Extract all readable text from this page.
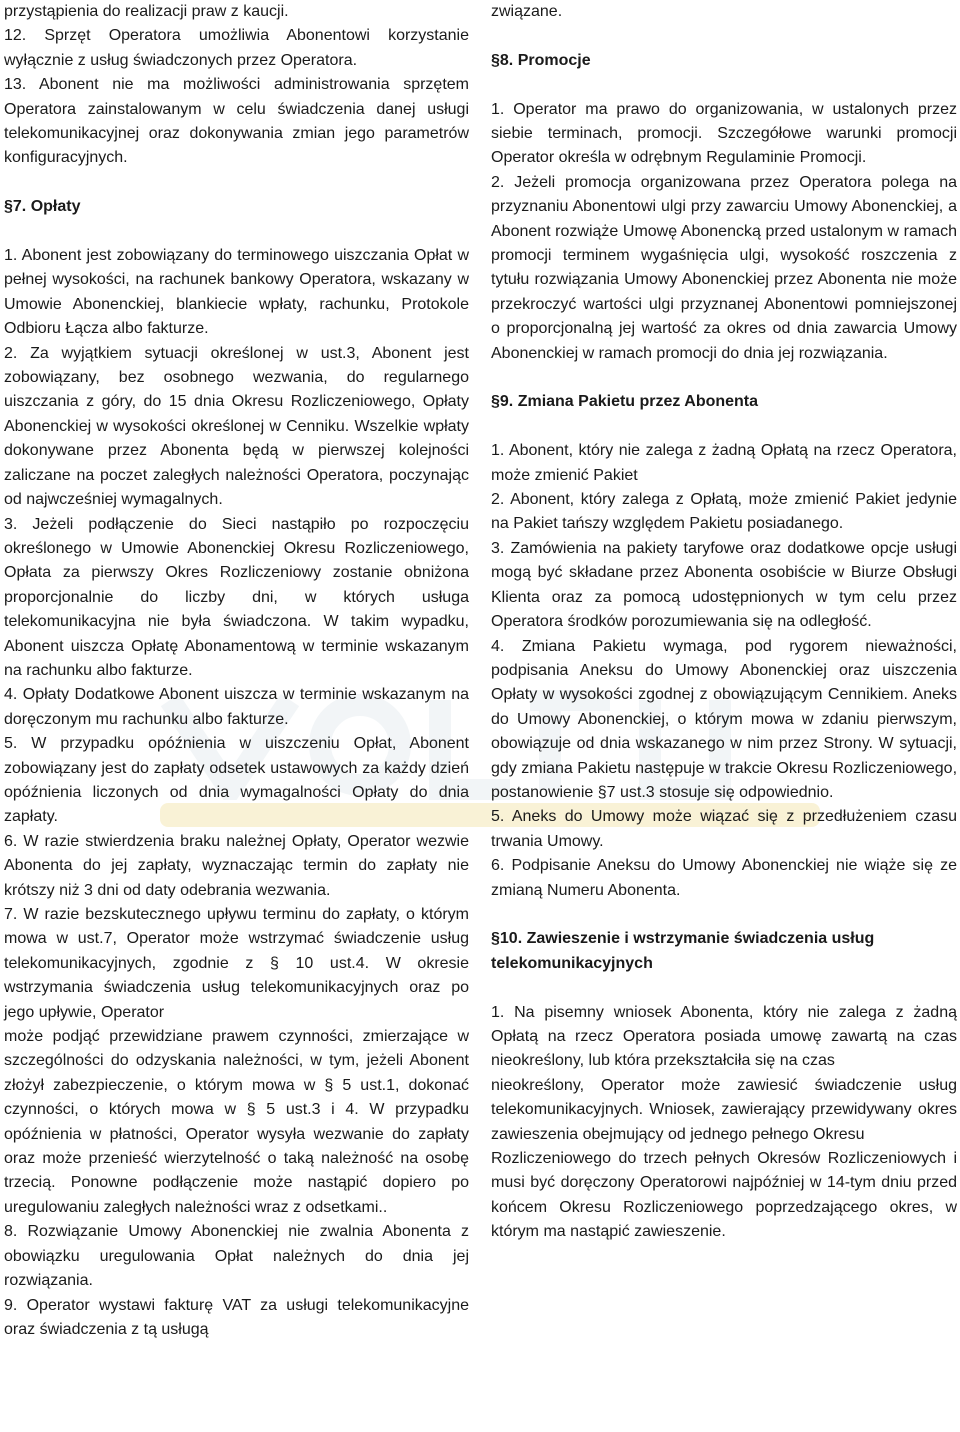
przystąpienia do realizacji praw z kaucji.

12. Sprzęt Operatora umożliwia Abonentowi korzystanie wyłącznie z usług świadczonych przez Operatora.

13. Abonent nie ma możliwości administrowania sprzętem Operatora zainstalowanym w celu świadczenia danej usługi telekomunikacyjnej oraz dokonywania zmian jego parametrów konfiguracyjnych.

§7. Opłaty

1. Abonent jest zobowiązany do terminowego uiszczania Opłat w pełnej wysokości, na rachunek bankowy Operatora, wskazany w Umowie Abonenckiej, blankiecie wpłaty, rachunku, Protokole Odbioru Łącza albo fakturze.

2. Za wyjątkiem sytuacji określonej w ust.3, Abonent jest zobowiązany, bez osobnego wezwania, do regularnego uiszczania z góry, do 15 dnia Okresu Rozliczeniowego, Opłaty Abonenckiej w wysokości określonej w Cenniku. Wszelkie wpłaty dokonywane przez Abonenta będą w pierwszej kolejności zaliczane na poczet zaległych należności Operatora, poczynając od najwcześniej wymagalnych.

3. Jeżeli podłączenie do Sieci nastąpiło po rozpoczęciu określonego w Umowie Abonenckiej Okresu Rozliczeniowego, Opłata za pierwszy Okres Rozliczeniowy zostanie obniżona proporcjonalnie do liczby dni, w których usługa telekomunikacyjna nie była świadczona. W takim wypadku, Abonent uiszcza Opłatę Abonamentową w terminie wskazanym na rachunku albo fakturze.

4. Opłaty Dodatkowe Abonent uiszcza w terminie wskazanym na doręczonym mu rachunku albo fakturze.

5. W przypadku opóźnienia w uiszczeniu Opłat, Abonent zobowiązany jest do zapłaty odsetek ustawowych za każdy dzień opóźnienia liczonych od dnia wymagalności Opłaty do dnia zapłaty.

6. W razie stwierdzenia braku należnej Opłaty, Operator wezwie Abonenta do jej zapłaty, wyznaczając termin do zapłaty nie krótszy niż 3 dni od daty odebrania wezwania.

7. W razie bezskutecznego upływu terminu do zapłaty, o którym mowa w ust.7, Operator może wstrzymać świadczenie usług telekomunikacyjnych, zgodnie z § 10 ust.4. W okresie wstrzymania świadczenia usług telekomunikacyjnych oraz po jego upływie, Operator

może podjąć przewidziane prawem czynności, zmierzające w szczególności do odzyskania należności, w tym, jeżeli Abonent złożył zabezpieczenie, o którym mowa w § 5 ust.1, dokonać czynności, o których mowa w § 5 ust.3 i 4. W przypadku opóźnienia w płatności, Operator wysyła wezwanie do zapłaty oraz może przenieść wierzytelność o taką należność na osobę trzecią. Ponowne podłączenie może nastąpić dopiero po uregulowaniu zaległych należności wraz z odsetkami..

8. Rozwiązanie Umowy Abonenckiej nie zwalnia Abonenta z obowiązku uregulowania Opłat należnych do dnia jej rozwiązania.

9. Operator wystawi fakturę VAT za usługi telekomunikacyjne oraz świadczenia z tą usługą

związane.

§8. Promocje

1. Operator ma prawo do organizowania, w ustalonych przez siebie terminach, promocji. Szczegółowe warunki promocji Operator określa w odrębnym Regulaminie Promocji.

2. Jeżeli promocja organizowana przez Operatora polega na przyznaniu Abonentowi ulgi przy zawarciu Umowy Abonenckiej, a Abonent rozwiąże Umowę Abonencką przed ustalonym w ramach promocji terminem wygaśnięcia ulgi, wysokość roszczenia z tytułu rozwiązania Umowy Abonenckiej przez Abonenta nie może przekroczyć wartości ulgi przyznanej Abonentowi pomniejszonej o proporcjonalną jej wartość za okres od dnia zawarcia Umowy Abonenckiej w ramach promocji do dnia jej rozwiązania.

§9. Zmiana Pakietu przez Abonenta

1. Abonent, który nie zalega z żadną Opłatą na rzecz Operatora, może zmienić Pakiet

2. Abonent, który zalega z Opłatą, może zmienić Pakiet jedynie na Pakiet tańszy względem Pakietu posiadanego.

3. Zamówienia na pakiety taryfowe oraz dodatkowe opcje usługi mogą być składane przez Abonenta osobiście w Biurze Obsługi Klienta oraz za pomocą udostępnionych w tym celu przez Operatora środków porozumiewania się na odległość.

4. Zmiana Pakietu wymaga, pod rygorem nieważności, podpisania Aneksu do Umowy Abonenckiej oraz uiszczenia Opłaty w wysokości zgodnej z obowiązującym Cennikiem. Aneks do Umowy Abonenckiej, o którym mowa w zdaniu pierwszym, obowiązuje od dnia wskazanego w nim przez Strony. W sytuacji, gdy zmiana Pakietu następuje w trakcie Okresu Rozliczeniowego, postanowienie §7 ust.3 stosuje się odpowiednio.

5. Aneks do Umowy może wiązać się z przedłużeniem czasu trwania Umowy.

6. Podpisanie Aneksu do Umowy Abonenckiej nie wiąże się ze zmianą Numeru Abonenta.

§10. Zawieszenie i wstrzymanie świadczenia usług telekomunikacyjnych

1. Na pisemny wniosek Abonenta, który nie zalega z żadną Opłatą na rzecz Operatora posiada umowę zawartą na czas nieokreślony, lub która przekształciła się na czas

nieokreślony, Operator może zawiesić świadczenie usług telekomunikacyjnych. Wniosek, zawierający przewidywany okres zawieszenia obejmujący od jednego pełnego Okresu

Rozliczeniowego do trzech pełnych Okresów Rozliczeniowych i musi być doręczony Operatorowi najpóźniej w 14-tym dniu przed końcem Okresu Rozliczeniowego poprzedzającego okres, w którym ma nastąpić zawieszenie.
